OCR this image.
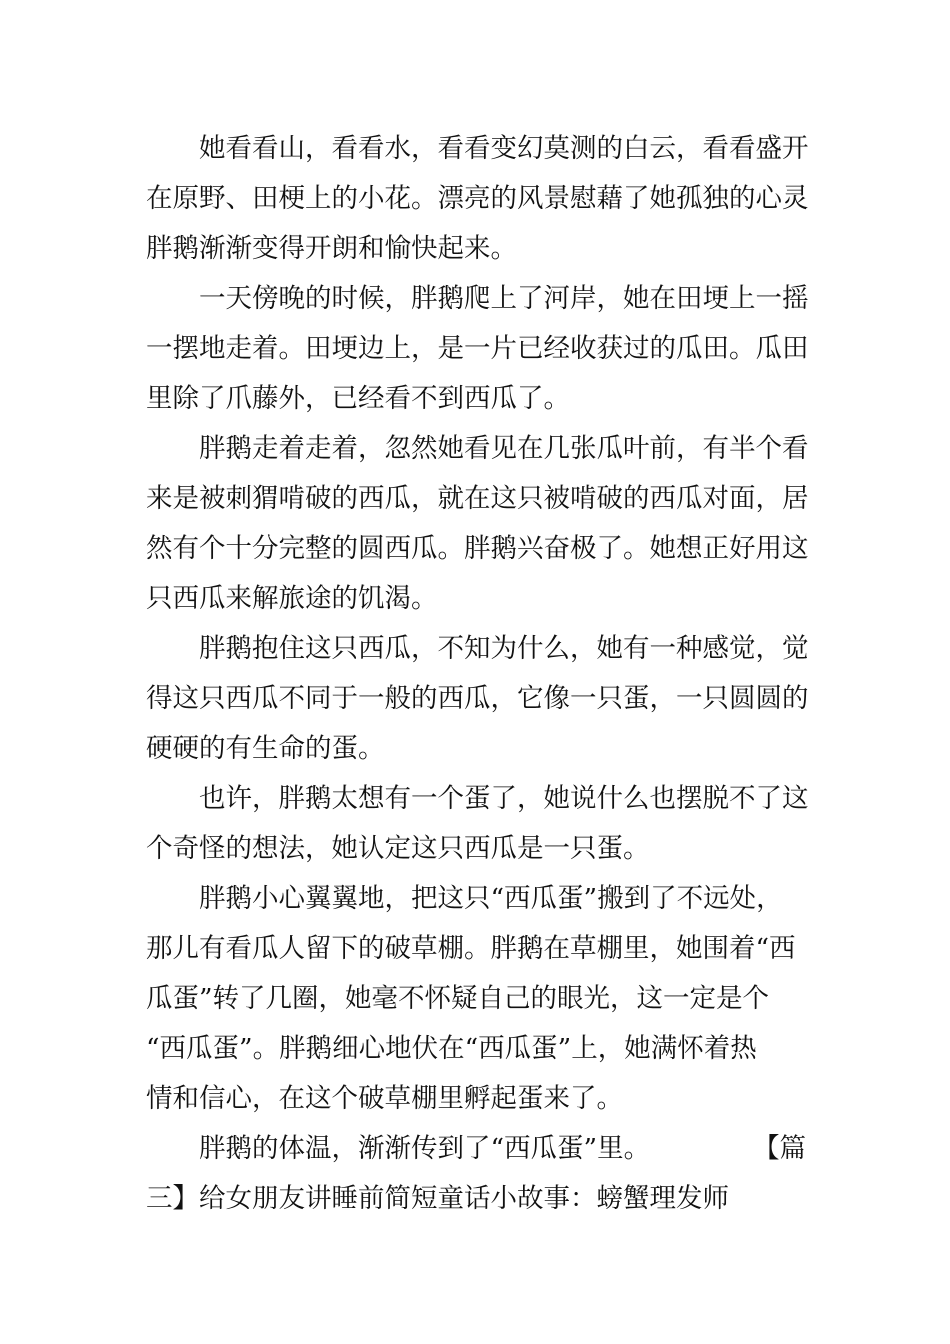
她看看山，看看水，看看变幻莫测的白云，看看盛开
在原野、田梗上的小花。漂亮的风景慰藉了她孤独的心灵
胖鹅渐渐变得开朗和愉快起来。

一天傍晚的时候，胖鹅爬上了河岸，她在田埂上一摇
一摆地走着。田埂边上，是一片已经收获过的瓜田。瓜田
里除了爪藤外，已经看不到西瓜了。

胖鹅走着走着，忽然她看见在几张瓜叶前，有半个看
来是被刺猬啃破的西瓜，就在这只被啃破的西瓜对面，居
然有个十分完整的圆西瓜。胖鹅兴奋极了。她想正好用这
只西瓜来解旅途的饥渴。

胖鹅抱住这只西瓜，不知为什么，她有一种感觉，觉
得这只西瓜不同于一般的西瓜，它像一只蛋，一只圆圆的
硬硬的有生命的蛋。

也许，胖鹅太想有一个蛋了，她说什么也摆脱不了这
个奇怪的想法，她认定这只西瓜是一只蛋。

胖鹅小心翼翼地，把这只“西瓜蛋”搬到了不远处，
那儿有看瓜人留下的破草棚。胖鹅在草棚里，她围着“西
瓜蛋”转了几圈，她毫不怀疑自己的眼光，这一定是个
“西瓜蛋”。胖鹅细心地伏在“西瓜蛋”上，她满怀着热
情和信心，在这个破草棚里孵起蛋来了。

胖鹅的体温，渐渐传到了“西瓜蛋”里。	【篇
三】给女朋友讲睡前简短童话小故事：螃蟹理发师
